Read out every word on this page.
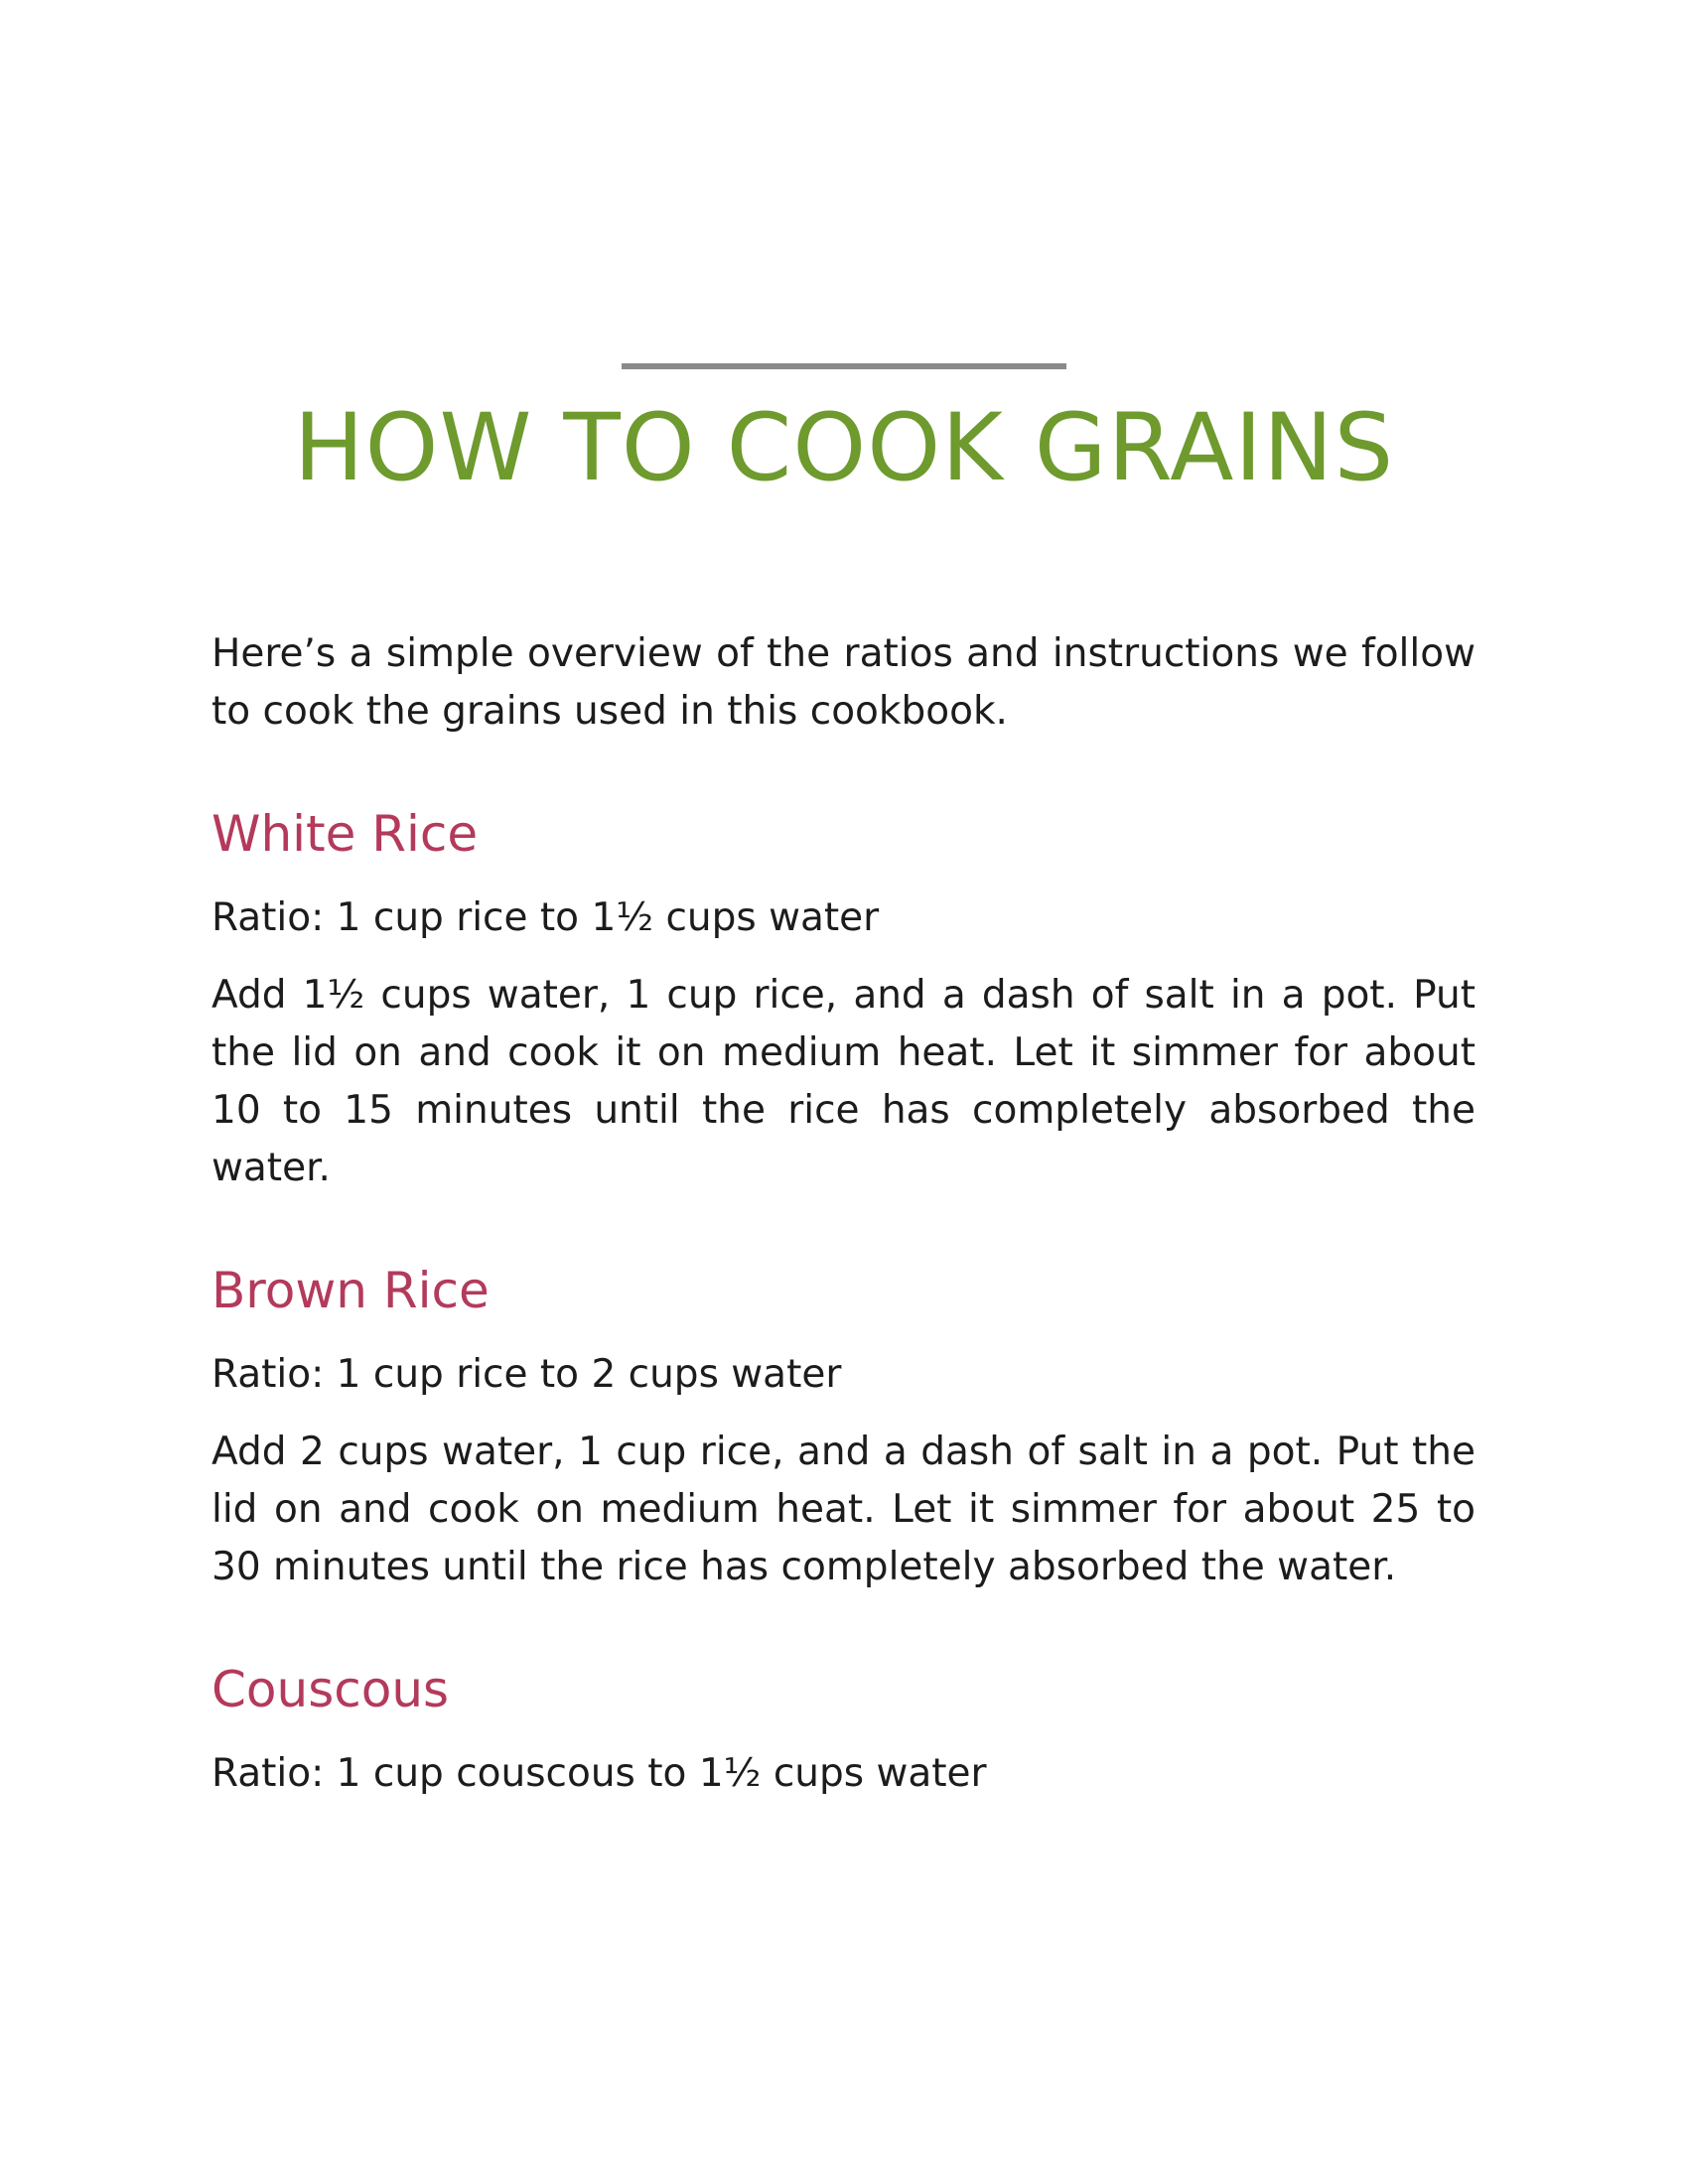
HOW TO COOK GRAINS

Here’s a simple overview of the ratios and instructions we follow to cook the grains used in this cookbook.

White Rice

Ratio: 1 cup rice to 1½ cups water

Add 1½ cups water, 1 cup rice, and a dash of salt in a pot. Put the lid on and cook it on medium heat. Let it simmer for about 10 to 15 minutes until the rice has completely absorbed the water.

Brown Rice

Ratio: 1 cup rice to 2 cups water

Add 2 cups water, 1 cup rice, and a dash of salt in a pot. Put the lid on and cook on medium heat. Let it simmer for about 25 to 30 minutes until the rice has completely absorbed the water.

Couscous

Ratio: 1 cup couscous to 1½ cups water
